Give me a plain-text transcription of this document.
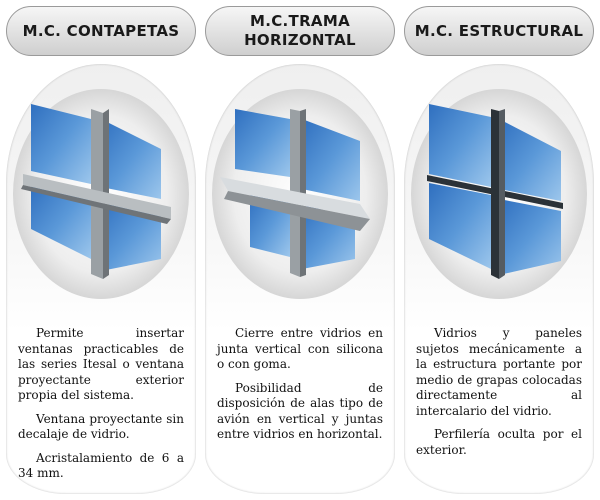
M.C. CONTAPETAS

Permite insertar ventanas practicables de las series Itesal o ventana proyectante exterior propia del sistema.

Ventana proyectante sin decalaje de vidrio.

Acristalamiento de 6 a 34 mm.

M.C.TRAMA HORIZONTAL

Cierre entre vidrios en junta vertical con silicona o con goma.

Posibilidad de disposición de alas tipo de avión en vertical y juntas entre vidrios en horizontal.

M.C. ESTRUCTURAL

Vidrios y paneles sujetos mecánicamente a la estructura portante por medio de grapas colocadas directamente al intercalario del vidrio.

Perfilería oculta por el exterior.
